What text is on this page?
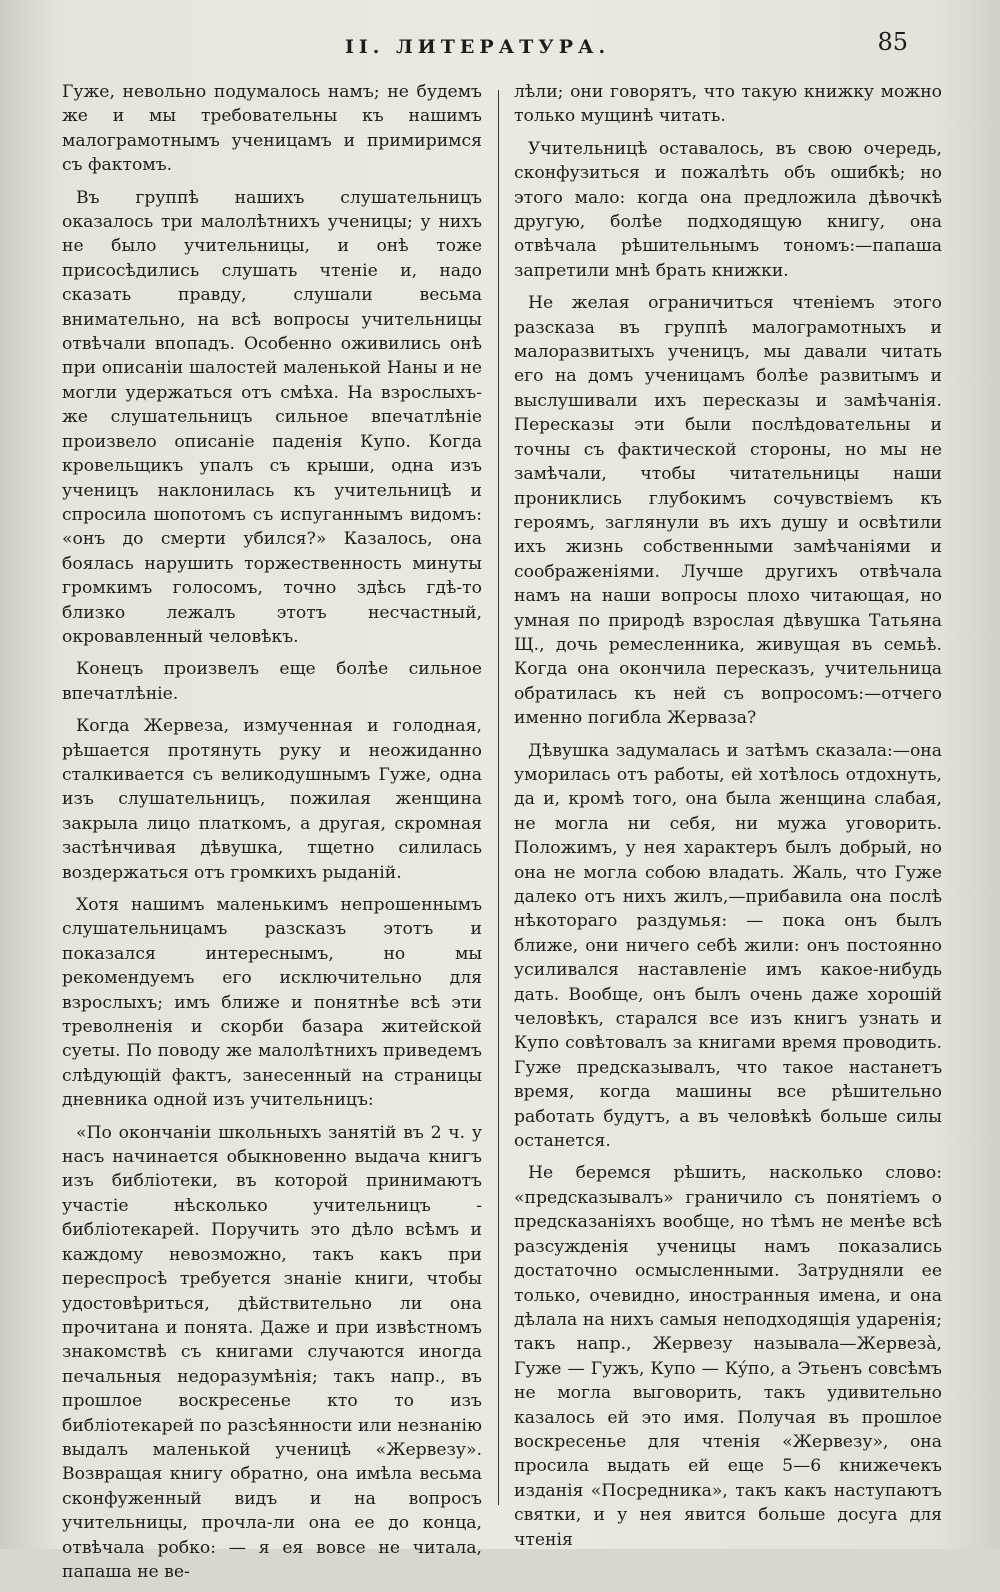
II. ЛИТЕРАТУРА.	85

Гуже, невольно подумалось намъ; не будемъ же и мы требовательны къ нашимъ малограмотнымъ ученицамъ и примиримся съ фактомъ.

Въ группѣ нашихъ слушательницъ оказалось три малолѣтнихъ ученицы; у нихъ не было учительницы, и онѣ тоже присосѣдились слушать чтеніе и, надо сказать правду, слушали весьма внимательно, на всѣ вопросы учительницы отвѣчали впопадъ. Особенно оживились онѣ при описаніи шалостей маленькой Наны и не могли удержаться отъ смѣха. На взрослыхъ-же слушательницъ сильное впечатлѣніе произвело описаніе паденія Купо. Когда кровельщикъ упалъ съ крыши, одна изъ ученицъ наклонилась къ учительницѣ и спросила шопотомъ съ испуганнымъ видомъ: «онъ до смерти убился?» Казалось, она боялась нарушить торжественность минуты громкимъ голосомъ, точно здѣсь гдѣ-то близко лежалъ этотъ несчастный, окровавленный человѣкъ.

Конецъ произвелъ еще болѣе сильное впечатлѣніе.

Когда Жервеза, измученная и голодная, рѣшается протянуть руку и неожиданно сталкивается съ великодушнымъ Гуже, одна изъ слушательницъ, пожилая женщина закрыла лицо платкомъ, а другая, скромная застѣнчивая дѣвушка, тщетно силилась воздержаться отъ громкихъ рыданій.

Хотя нашимъ маленькимъ непрошеннымъ слушательницамъ разсказъ этотъ и показался интереснымъ, но мы рекомендуемъ его исключительно для взрослыхъ; имъ ближе и понятнѣе всѣ эти треволненія и скорби базара житейской суеты. По поводу же малолѣтнихъ приведемъ слѣдующій фактъ, занесенный на страницы дневника одной изъ учительницъ:

«По окончаніи школьныхъ занятій въ 2 ч. у насъ начинается обыкновенно выдача книгъ изъ библіотеки, въ которой принимаютъ участіе нѣсколько учительницъ - библіотекарей. Поручить это дѣло всѣмъ и каждому невозможно, такъ какъ при переспросѣ требуется знаніе книги, чтобы удостовѣриться, дѣйствительно ли она прочитана и понята. Даже и при извѣстномъ знакомствѣ съ книгами случаются иногда печальныя недоразумѣнія; такъ напр., въ прошлое воскресенье кто то изъ библіотекарей по разсѣянности или незнанію выдалъ маленькой ученицѣ «Жервезу». Возвращая книгу обратно, она имѣла весьма сконфуженный видъ и на вопросъ учительницы, прочла-ли она ее до конца, отвѣчала робко: — я ея вовсе не читала, папаша не ве-

лѣли; они говорятъ, что такую книжку можно только мущинѣ читать.

Учительницѣ оставалось, въ свою очередь, сконфузиться и пожалѣть объ ошибкѣ; но этого мало: когда она предложила дѣвочкѣ другую, болѣе подходящую книгу, она отвѣчала рѣшительнымъ тономъ:—папаша запретили мнѣ брать книжки.

Не желая ограничиться чтеніемъ этого разсказа въ группѣ малограмотныхъ и малоразвитыхъ ученицъ, мы давали читать его на домъ ученицамъ болѣе развитымъ и выслушивали ихъ пересказы и замѣчанія. Пересказы эти были послѣдовательны и точны съ фактической стороны, но мы не замѣчали, чтобы читательницы наши прониклись глубокимъ сочувствіемъ къ героямъ, заглянули въ ихъ душу и освѣтили ихъ жизнь собственными замѣчаніями и соображеніями. Лучше другихъ отвѣчала намъ на наши вопросы плохо читающая, но умная по природѣ взрослая дѣвушка Татьяна Щ., дочь ремесленника, живущая въ семьѣ. Когда она окончила пересказъ, учительница обратилась къ ней съ вопросомъ:—отчего именно погибла Жерваза?

Дѣвушка задумалась и затѣмъ сказала:—она уморилась отъ работы, ей хотѣлось отдохнуть, да и, кромѣ того, она была женщина слабая, не могла ни себя, ни мужа уговорить. Положимъ, у нея характеръ былъ добрый, но она не могла собою владать. Жаль, что Гуже далеко отъ нихъ жилъ,—прибавила она послѣ нѣкотораго раздумья: — пока онъ былъ ближе, они ничего себѣ жили: онъ постоянно усиливался наставленіе имъ какое-нибудь дать. Вообще, онъ былъ очень даже хорошій человѣкъ, старался все изъ книгъ узнать и Купо совѣтовалъ за книгами время проводить. Гуже предсказывалъ, что такое настанетъ время, когда машины все рѣшительно работать будутъ, а въ человѣкѣ больше силы останется.

Не беремся рѣшить, насколько слово: «предсказывалъ» граничило съ понятіемъ о предсказаніяхъ вообще, но тѣмъ не менѣе всѣ разсужденія ученицы намъ показались достаточно осмысленными. Затрудняли ее только, очевидно, иностранныя имена, и она дѣлала на нихъ самыя неподходящія ударенія; такъ напр., Жервезу называла—Жервезà, Гуже — Гужъ, Купо — Кýпо, а Этьенъ совсѣмъ не могла выговорить, такъ удивительно казалось ей это имя. Получая въ прошлое воскресенье для чтенія «Жервезу», она просила выдать ей еще 5—6 книжечекъ изданія «Посредника», такъ какъ наступаютъ святки, и у нея явится больше досуга для чтенія
